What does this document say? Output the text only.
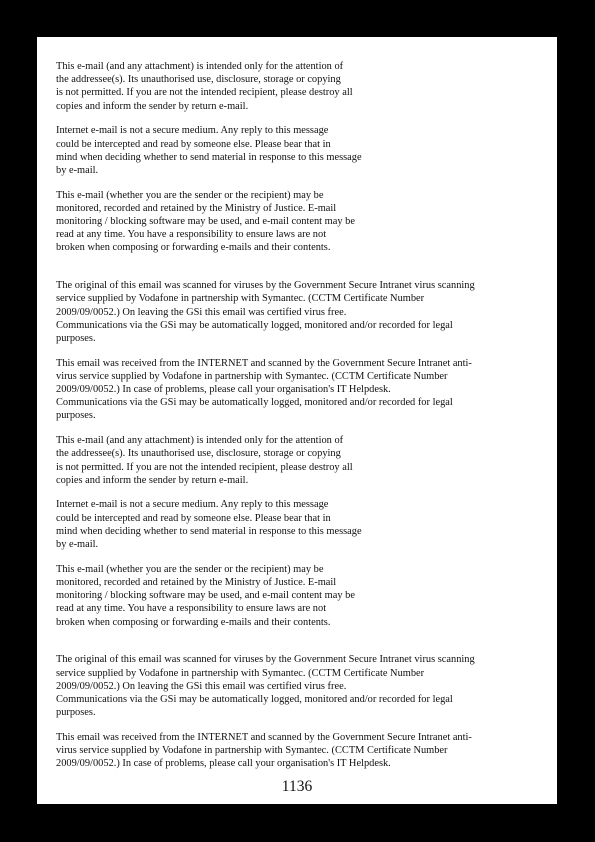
This e-mail (and any attachment) is intended only for the attention of
the addressee(s). Its unauthorised use, disclosure, storage or copying
is not permitted. If you are not the intended recipient, please destroy all
copies and inform the sender by return e-mail.

Internet e-mail is not a secure medium. Any reply to this message
could be intercepted and read by someone else. Please bear that in
mind when deciding whether to send material in response to this message
by e-mail.

This e-mail (whether you are the sender or the recipient) may be
monitored, recorded and retained by the Ministry of Justice. E-mail
monitoring / blocking software may be used, and e-mail content may be
read at any time. You have a responsibility to ensure laws are not
broken when composing or forwarding e-mails and their contents.

The original of this email was scanned for viruses by the Government Secure Intranet virus scanning
service supplied by Vodafone in partnership with Symantec. (CCTM Certificate Number
2009/09/0052.) On leaving the GSi this email was certified virus free.
Communications via the GSi may be automatically logged, monitored and/or recorded for legal
purposes.

This email was received from the INTERNET and scanned by the Government Secure Intranet anti-
virus service supplied by Vodafone in partnership with Symantec. (CCTM Certificate Number
2009/09/0052.) In case of problems, please call your organisation's IT Helpdesk.
Communications via the GSi may be automatically logged, monitored and/or recorded for legal
purposes.

This e-mail (and any attachment) is intended only for the attention of
the addressee(s). Its unauthorised use, disclosure, storage or copying
is not permitted. If you are not the intended recipient, please destroy all
copies and inform the sender by return e-mail.

Internet e-mail is not a secure medium. Any reply to this message
could be intercepted and read by someone else. Please bear that in
mind when deciding whether to send material in response to this message
by e-mail.

This e-mail (whether you are the sender or the recipient) may be
monitored, recorded and retained by the Ministry of Justice. E-mail
monitoring / blocking software may be used, and e-mail content may be
read at any time. You have a responsibility to ensure laws are not
broken when composing or forwarding e-mails and their contents.

The original of this email was scanned for viruses by the Government Secure Intranet virus scanning
service supplied by Vodafone in partnership with Symantec. (CCTM Certificate Number
2009/09/0052.) On leaving the GSi this email was certified virus free.
Communications via the GSi may be automatically logged, monitored and/or recorded for legal
purposes.

This email was received from the INTERNET and scanned by the Government Secure Intranet anti-
virus service supplied by Vodafone in partnership with Symantec. (CCTM Certificate Number
2009/09/0052.) In case of problems, please call your organisation's IT Helpdesk.

1136
